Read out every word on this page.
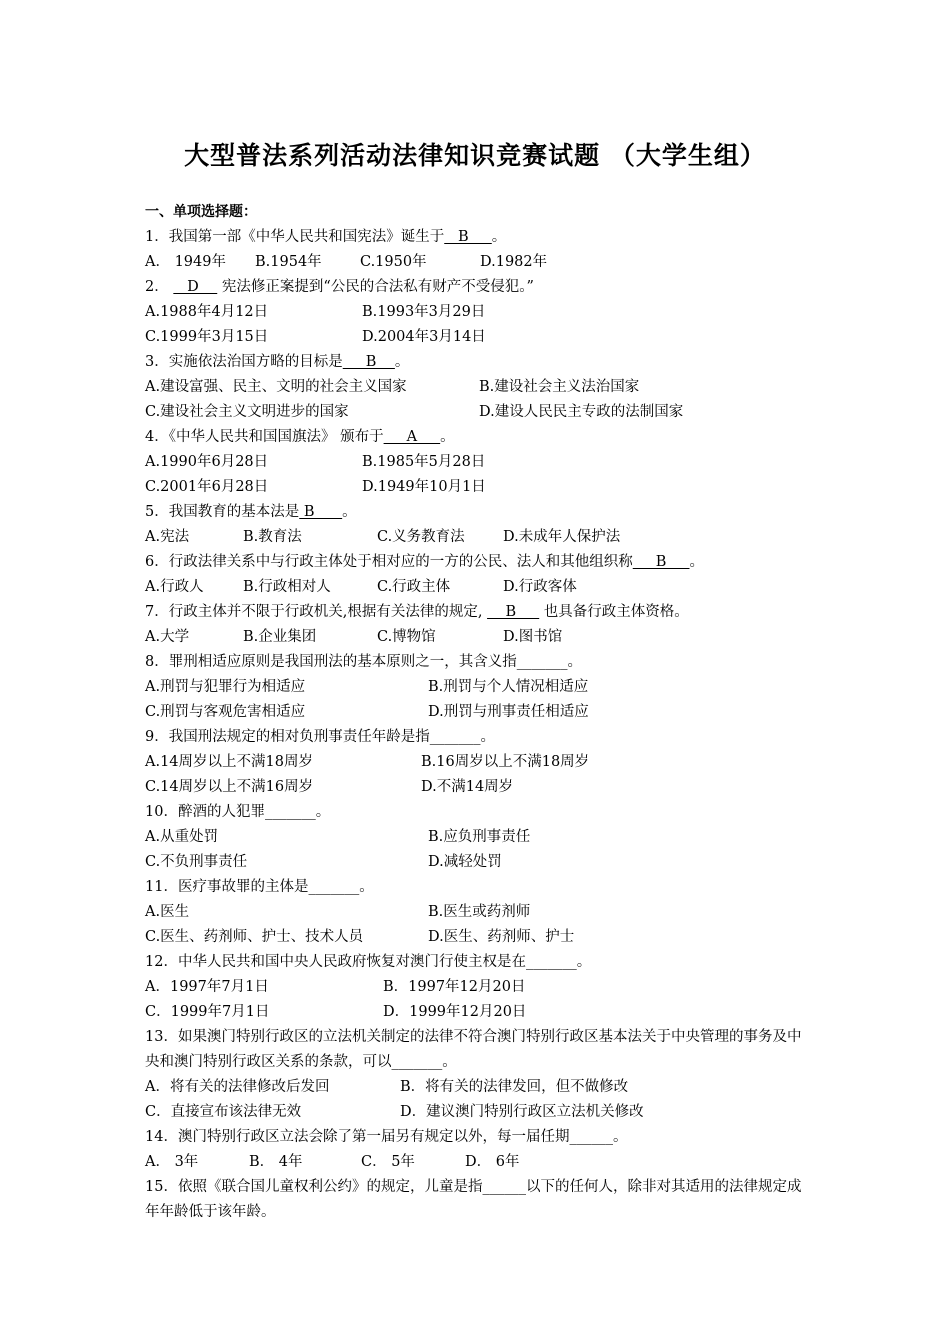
大型普法系列活动法律知识竞赛试题 （大学生组）
一、单项选择题：
1．我国第一部《中华人民共和国宪法》诞生于   B     。
A． 1949年	B.1954年	C.1950年	D.1982年
2．    D     宪法修正案提到“公民的合法私有财产不受侵犯。”
A.1988年4月12日	B.1993年3月29日
C.1999年3月15日	D.2004年3月14日
3．实施依法治国方略的目标是     B    。
A.建设富强、民主、文明的社会主义国家	B.建设社会主义法治国家
C.建设社会主义文明进步的国家	D.建设人民民主专政的法制国家
4．《中华人民共和国国旗法》 颁布于     A     。
A.1990年6月28日	B.1985年5月28日
C.2001年6月28日	D.1949年10月1日
5．我国教育的基本法是 B      。
A.宪法	B.教育法	C.义务教育法	D.未成年人保护法
6．行政法律关系中与行政主体处于相对应的一方的公民、法人和其他组织称     B     。
A.行政人	B.行政相对人	C.行政主体	D.行政客体
7．行政主体并不限于行政机关,根据有关法律的规定,     B      也具备行政主体资格。
A.大学	B.企业集团	C.博物馆	D.图书馆
8．罪刑相适应原则是我国刑法的基本原则之一，其含义指_______。
A.刑罚与犯罪行为相适应	B.刑罚与个人情况相适应
C.刑罚与客观危害相适应	D.刑罚与刑事责任相适应
9．我国刑法规定的相对负刑事责任年龄是指_______。
A.14周岁以上不满18周岁	B.16周岁以上不满18周岁
C.14周岁以上不满16周岁	D.不满14周岁
10．醉酒的人犯罪_______。
A.从重处罚	B.应负刑事责任
C.不负刑事责任	D.减轻处罚
11．医疗事故罪的主体是_______。
A.医生	B.医生或药剂师
C.医生、药剂师、护士、技术人员	D.医生、药剂师、护士
12．中华人民共和国中央人民政府恢复对澳门行使主权是在_______。
A．1997年7月1日	B．1997年12月20日
C．1999年7月1日	D．1999年12月20日
13．如果澳门特别行政区的立法机关制定的法律不符合澳门特别行政区基本法关于中央管理的事务及中央和澳门特别行政区关系的条款，可以_______。
A．将有关的法律修改后发回	B．将有关的法律发回，但不做修改
C．直接宣布该法律无效	D．建议澳门特别行政区立法机关修改
14．澳门特别行政区立法会除了第一届另有规定以外，每一届任期______。
A． 3年	B． 4年	C． 5年	D． 6年
15．依照《联合国儿童权利公约》的规定，儿童是指______以下的任何人，除非对其适用的法律规定成年年龄低于该年龄。
